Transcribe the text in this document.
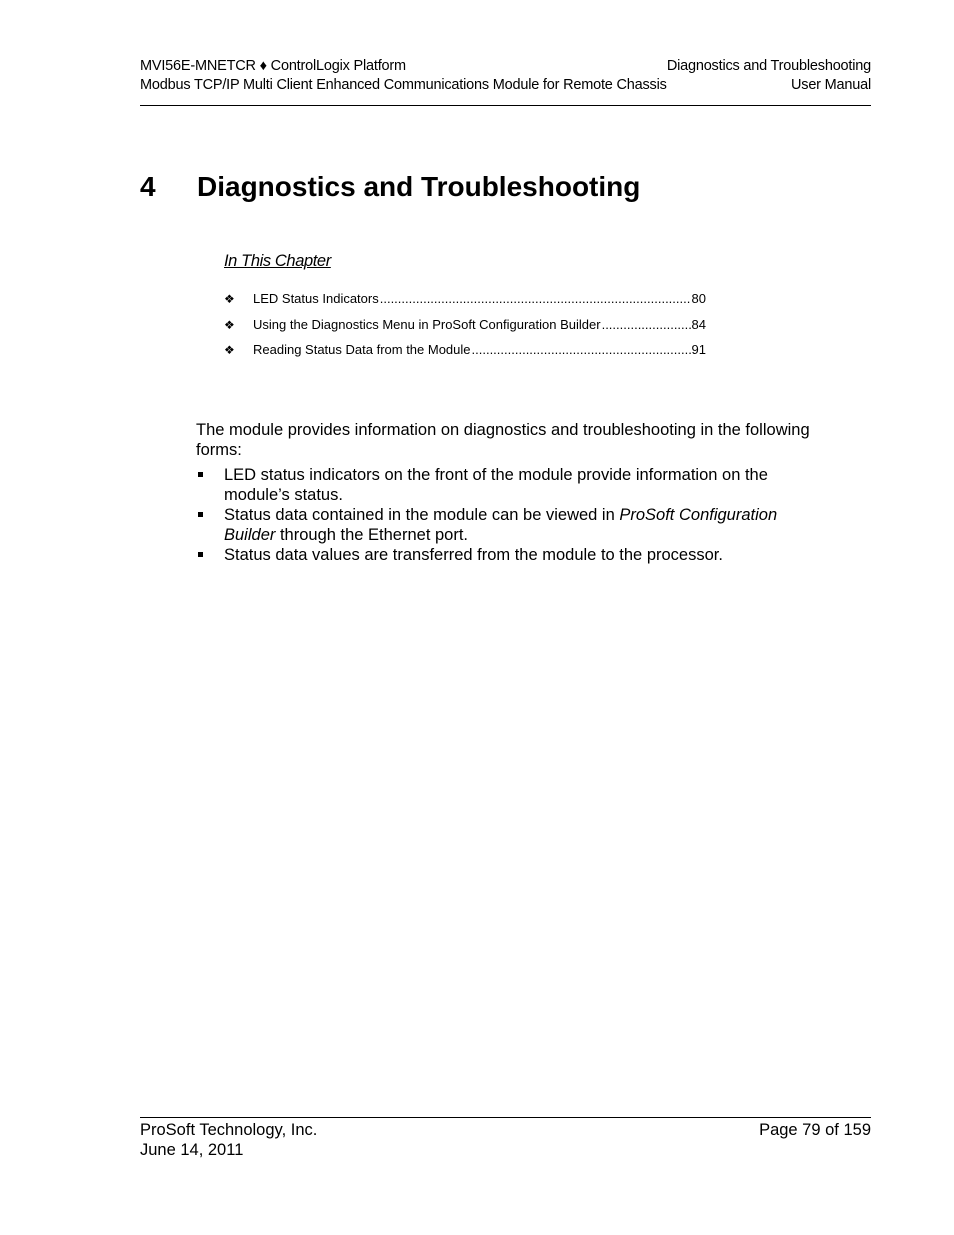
MVI56E-MNETCR ♦ ControlLogix Platform	Diagnostics and Troubleshooting
Modbus TCP/IP Multi Client Enhanced Communications Module for Remote Chassis	User Manual
4 Diagnostics and Troubleshooting
In This Chapter
❖	LED Status Indicators .....	80
❖	Using the Diagnostics Menu in ProSoft Configuration Builder .....	84
❖	Reading Status Data from the Module .....	91

The module provides information on diagnostics and troubleshooting in the following forms:

LED status indicators on the front of the module provide information on the module’s status.
Status data contained in the module can be viewed in ProSoft Configuration Builder through the Ethernet port.
Status data values are transferred from the module to the processor.
ProSoft Technology, Inc.	Page 79 of 159
June 14, 2011
